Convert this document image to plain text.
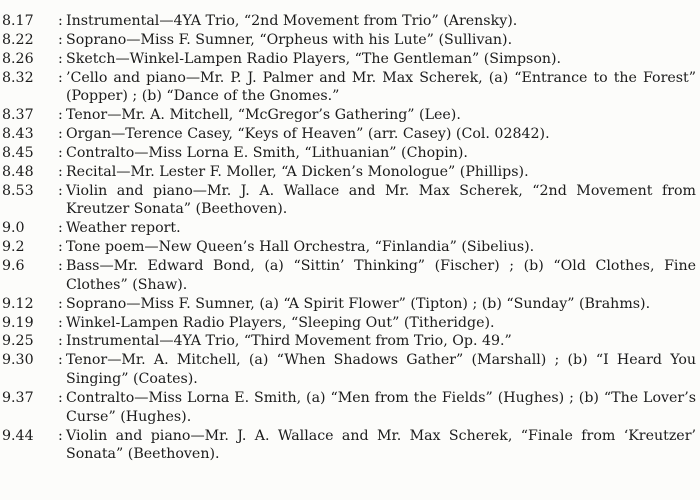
8.17	: Instrumental—4YA Trio, “2nd Movement from Trio” (Arensky).
8.22	: Soprano—Miss F. Sumner, “Orpheus with his Lute” (Sullivan).
8.26	: Sketch—Winkel-Lampen Radio Players, “The Gentleman” (Simpson).
8.32	: ’Cello and piano—Mr. P. J. Palmer and Mr. Max Scherek, (a) “Entrance to the Forest” (Popper) ; (b) “Dance of the Gnomes.”
8.37	: Tenor—Mr. A. Mitchell, “McGregor’s Gathering” (Lee).
8.43	: Organ—Terence Casey, “Keys of Heaven” (arr. Casey) (Col. 02842).
8.45	: Contralto—Miss Lorna E. Smith, “Lithuanian” (Chopin).
8.48	: Recital—Mr. Lester F. Moller, “A Dicken’s Monologue” (Phillips).
8.53	: Violin and piano—Mr. J. A. Wallace and Mr. Max Scherek, “2nd Movement from Kreutzer Sonata” (Beethoven).
9.0	: Weather report.
9.2	: Tone poem—New Queen’s Hall Orchestra, “Finlandia” (Sibelius).
9.6	: Bass—Mr. Edward Bond, (a) “Sittin’ Thinking” (Fischer) ; (b) “Old Clothes, Fine Clothes” (Shaw).
9.12	: Soprano—Miss F. Sumner, (a) “A Spirit Flower” (Tipton) ; (b) “Sunday” (Brahms).
9.19	: Winkel-Lampen Radio Players, “Sleeping Out” (Titheridge).
9.25	: Instrumental—4YA Trio, “Third Movement from Trio, Op. 49.”
9.30	: Tenor—Mr. A. Mitchell, (a) “When Shadows Gather” (Marshall) ; (b) “I Heard You Singing” (Coates).
9.37	: Contralto—Miss Lorna E. Smith, (a) “Men from the Fields” (Hughes) ; (b) “The Lover’s Curse” (Hughes).
9.44	: Violin and piano—Mr. J. A. Wallace and Mr. Max Scherek, “Finale from ‘Kreutzer’ Sonata” (Beethoven).
